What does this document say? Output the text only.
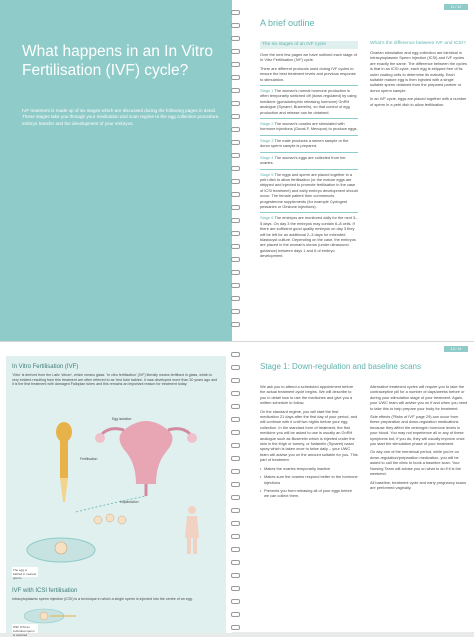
What happens in an In Vitro Fertilisation (IVF) cycle?

IVF treatment is made up of six stages which are discussed during the following pages in detail. These stages take you through your medication and scan regime to the egg collection procedure, embryo transfer and the development of your embryos.

11 / 12
A brief outline
The six stages of an IVF cycle

Over the next few pages we have outlined each stage of In Vitro Fertilisation (IVF) cycle.

There are different protocols used during IVF cycles to ensure the best treatment levels and previous response to stimulation.

Stage 1 The woman's normal hormone production is often temporarily switched off (down-regulated) by using medicine (gonadotrophin releasing hormone) GnRH analogue (Synarel, Buserelin), so that control of egg production and release can be obtained.
Stage 2 The woman's ovaries are stimulated with hormone injections (Gonal-F, Menopur) to produce eggs.
Stage 3 The male produces a semen sample or the donor sperm sample is prepared.
Stage 4 The woman's eggs are collected from her ovaries.
Stage 5 The eggs and sperm are placed together in a petri dish to allow fertilisation (or the mature eggs are stripped and injected to promote fertilisation in the case of ICSI treatment) and early embryo development should occur. The female patient then commences progesterone supplements (for example Cyclogest pessaries or Gestone injections).
Stage 6 The embryos are monitored daily for the next 3–5 days. On day 3 the embryos may contain 6–8 cells. If there are sufficient good quality embryos on day 3 they will be left for an additional 2–3 days for extended blastocyst culture. Depending on the case, the embryos are placed in the woman's uterus (under ultrasound guidance) between days 1 and 6 of embryo development.
What's the difference between IVF and ICSI?

Ovarian stimulation and egg collection are identical in Intracytoplasmic Sperm Injection (ICSI) and IVF cycles are exactly the same. The difference between the cycles is that in an ICSI cycle, each egg is stripped free of its outer coating cells to determine its maturity. Each suitable mature egg is then injected with a single suitable sperm obtained from the prepared partner or donor sperm sample.

In an IVF cycle, eggs are placed together with a number of sperm in a petri dish to allow fertilisation.

In Vitro Fertilisation (IVF)

'Vitro' is derived from the Latic 'vitrum', which means glass. 'In vitro fertilisation' (IVF) literally means fertilised in glass, which is very evident resulting from this treatment are often referred to as 'test tube babies'. It was developed more than 30 years ago and it is the first treatment with damaged Fallopian tubes and this remains an important reason for treatment today.

Egg isolation
Fertilisation
Implantation
The egg is bathed in nearest sperm
IVF with ICSI fertilisation

Intracytoplasmic sperm injection (ICSI) is a technique in which a single sperm is injected into the centre of an egg.

With ICSI an individual sperm is selected
13 / 14
Stage 1: Down-regulation and baseline scans

We ask you to attend a scheduled appointment before the actual treatment cycle begins. We will describe to you in detail how to use the medicines and give you a written schedule to follow.

On the standard regime, you will start the first medication 21 days after the first day of your period, and will continue with it until two nights before your egg collection. In the standard form of treatment, the first medicine you will be asked to use is usually an GnRH analogue such as Buserelin which is injected under the skin in the thigh or tummy, or Nafarelin (Synarel) nasal spray which is taken once to twice daily – your UWC team will advise you on the amount suitable for you. This part of treatment:

• Makes the ovaries temporarily inactive

• Makes sure the ovaries respond better to the hormone injections

• Prevents you from releasing all of your eggs before we can collect them.

Alternative treatment cycles will require you to take the contraceptive pill for a number of days/weeks before or during your stimulation stage of your treatment. Again, your UWC team will advise you on if and when you need to take this to help prepare your body for treatment.

Side effects ('Risks of IVF' page 29) can occur from these preparation and down-regulation medications because they affect the oestrogen hormone levels in your blood. You may not experience all or any of these symptoms but, if you do, they will usually improve once you start the stimulation phase of your treatment.

On day one of the menstrual period, while you're on down-regulation/preparation medication, you will be asked to call the clinic to book a baseline scan. Your Nursing Team will advise you on what to do if it is the weekend.

All baseline, treatment cycle and early pregnancy scans are performed vaginally.
